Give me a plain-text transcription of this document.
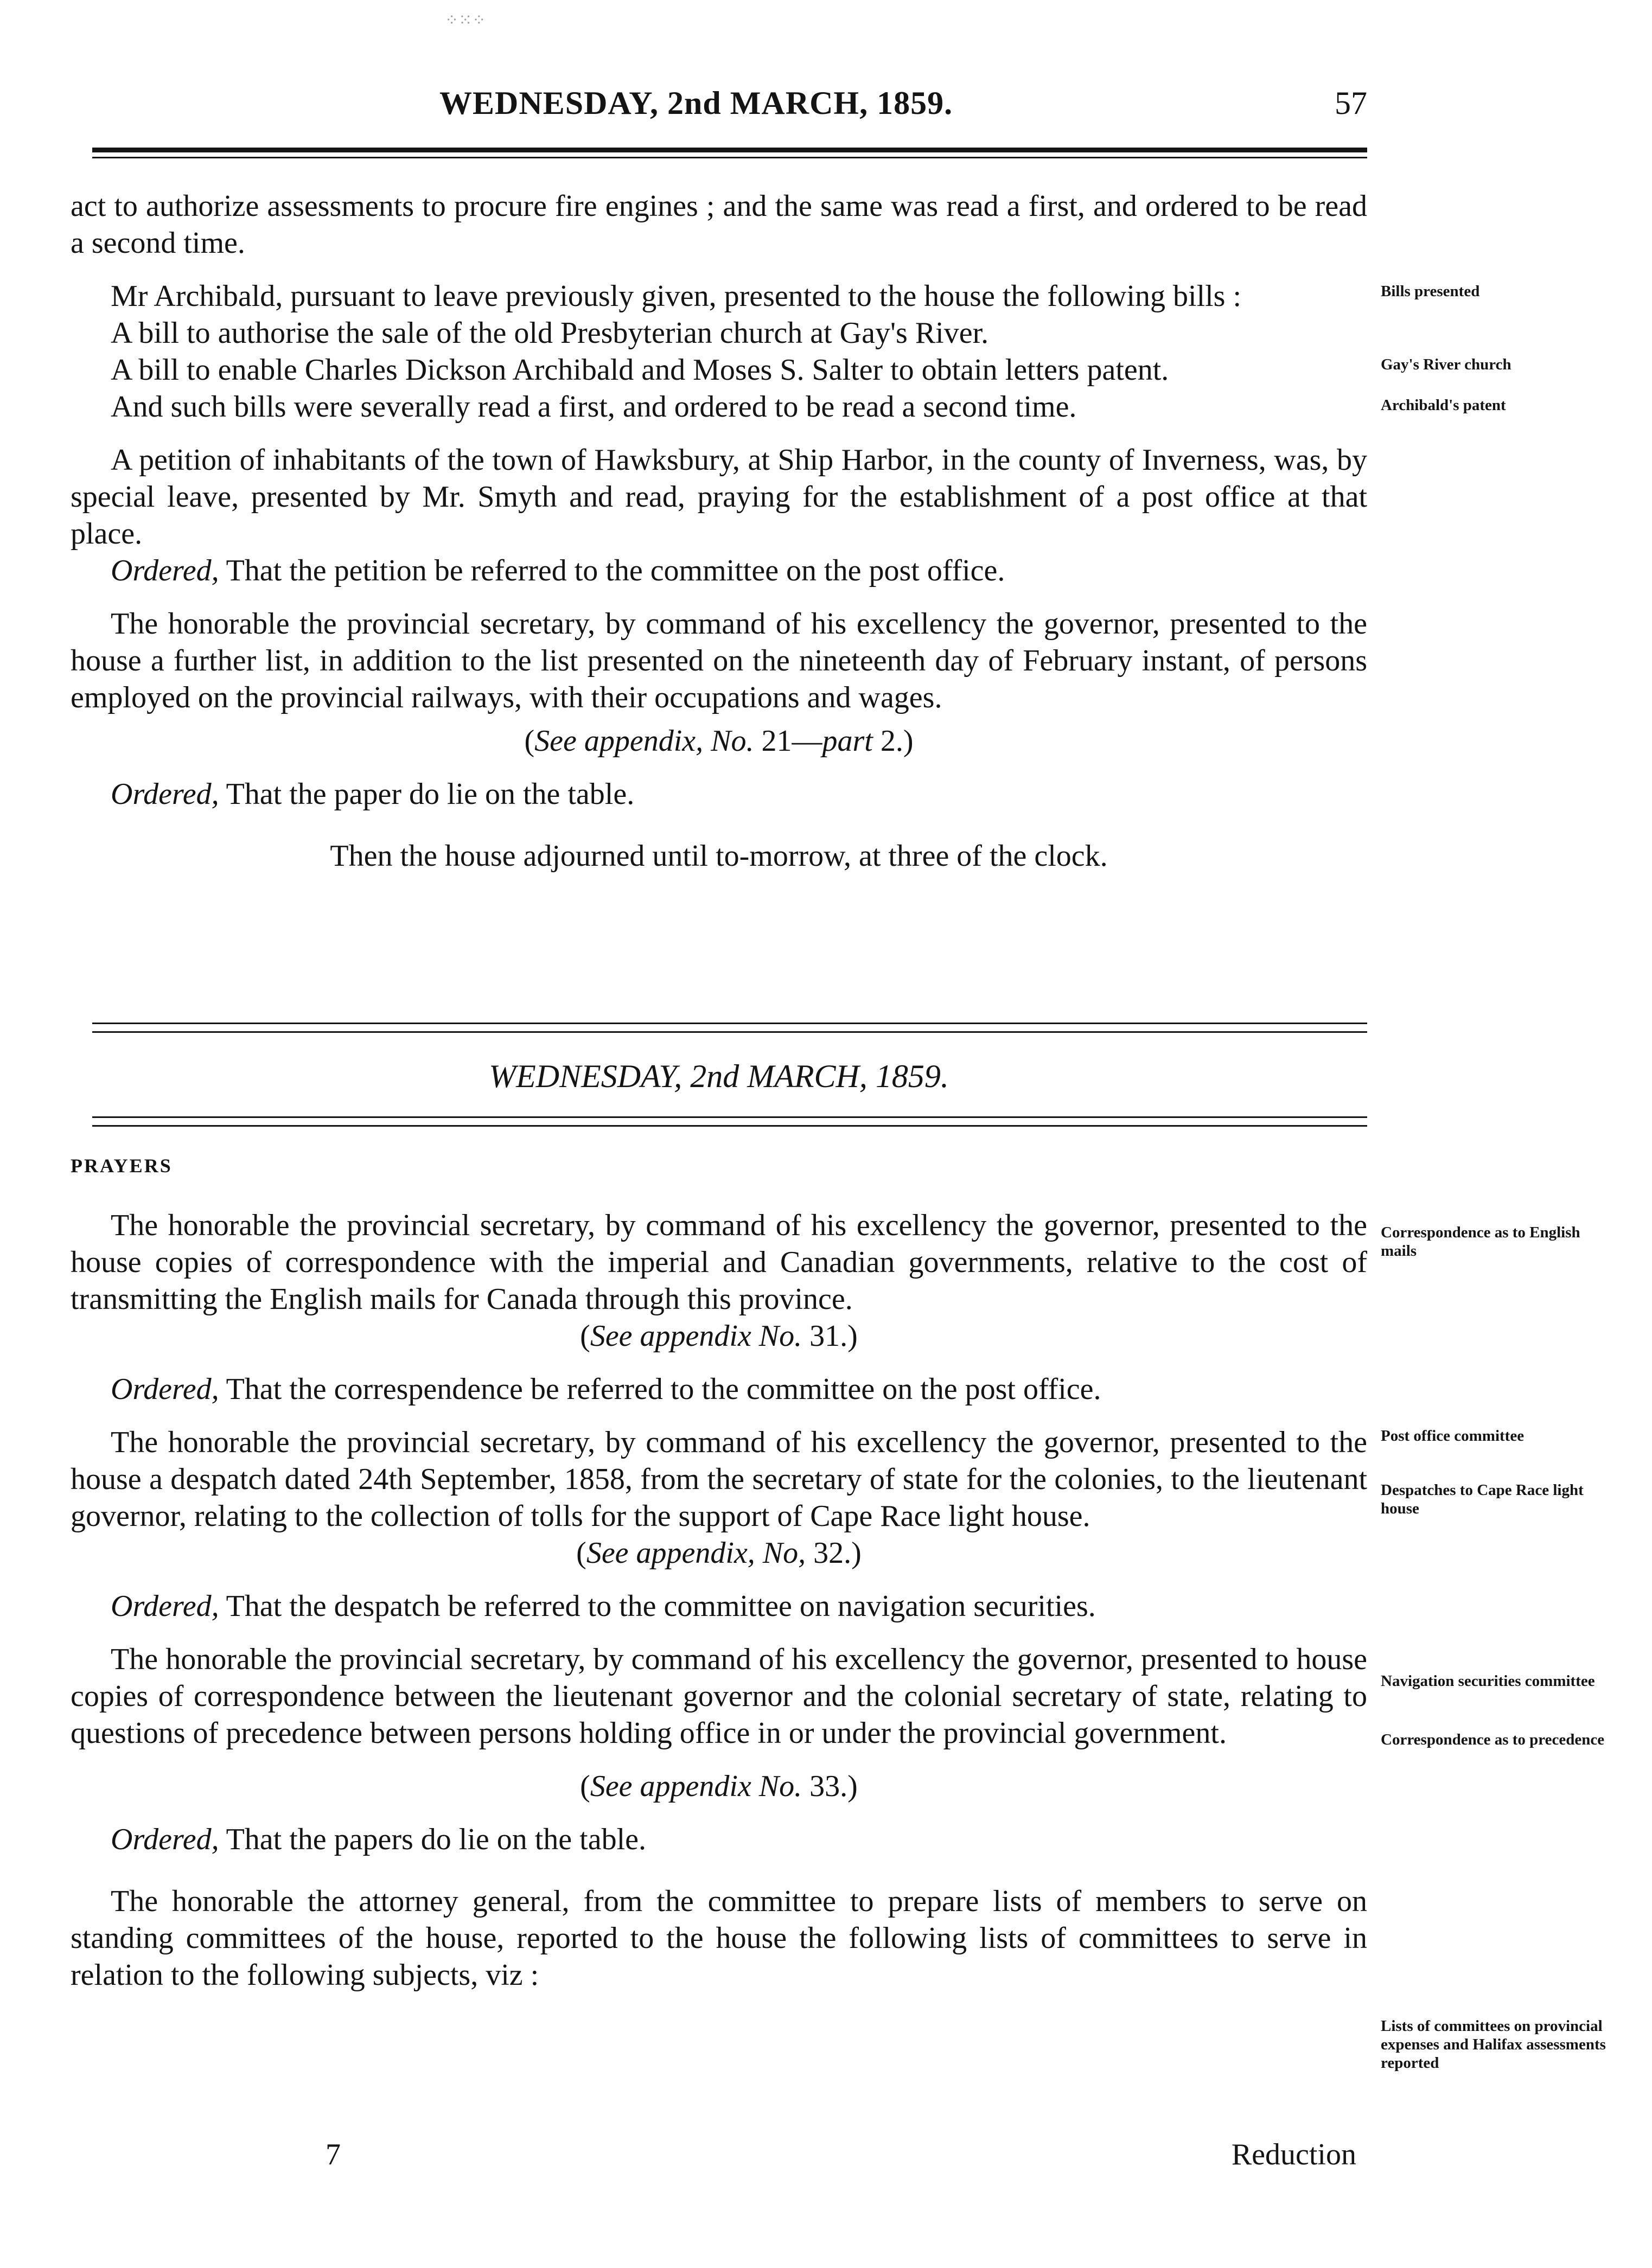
⁘⁙⁘
WEDNESDAY, 2nd MARCH, 1859.	57

act to authorize assessments to procure fire engines ; and the same was read a first, and ordered to be read a second time.

Mr Archibald, pursuant to leave previously given, presented to the house the following bills :

A bill to authorise the sale of the old Presbyterian church at Gay's River.

A bill to enable Charles Dickson Archibald and Moses S. Salter to obtain letters patent.

And such bills were severally read a first, and ordered to be read a second time.

A petition of inhabitants of the town of Hawksbury, at Ship Harbor, in the county of Inverness, was, by special leave, presented by Mr. Smyth and read, praying for the establishment of a post office at that place.

Ordered, That the petition be referred to the committee on the post office.

The honorable the provincial secretary, by command of his excellency the governor, presented to the house a further list, in addition to the list presented on the nineteenth day of February instant, of persons employed on the provincial railways, with their occupations and wages.

(See appendix, No. 21—part 2.)

Ordered, That the paper do lie on the table.

Then the house adjourned until to-morrow, at three of the clock.

WEDNESDAY, 2nd MARCH, 1859.
PRAYERS

The honorable the provincial secretary, by command of his excellency the governor, presented to the house copies of correspondence with the imperial and Canadian governments, relative to the cost of transmitting the English mails for Canada through this province.

(See appendix No. 31.)

Ordered, That the correspendence be referred to the committee on the post office.

The honorable the provincial secretary, by command of his excellency the governor, presented to the house a despatch dated 24th September, 1858, from the secretary of state for the colonies, to the lieutenant governor, relating to the collection of tolls for the support of Cape Race light house.

(See appendix, No, 32.)

Ordered, That the despatch be referred to the committee on navigation securities.

The honorable the provincial secretary, by command of his excellency the governor, presented to house copies of correspondence between the lieutenant governor and the colonial secretary of state, relating to questions of precedence between persons holding office in or under the provincial government.

(See appendix No. 33.)

Ordered, That the papers do lie on the table.

The honorable the attorney general, from the committee to prepare lists of members to serve on standing committees of the house, reported to the house the following lists of committees to serve in relation to the following subjects, viz :

Bills presented
Gay's River church
Archibald's patent
Correspondence as to English mails
Post office committee
Despatches to Cape Race light house
Navigation securities committee
Correspondence as to precedence
Lists of committees on provincial expenses and Halifax assessments reported
7	Reduction
